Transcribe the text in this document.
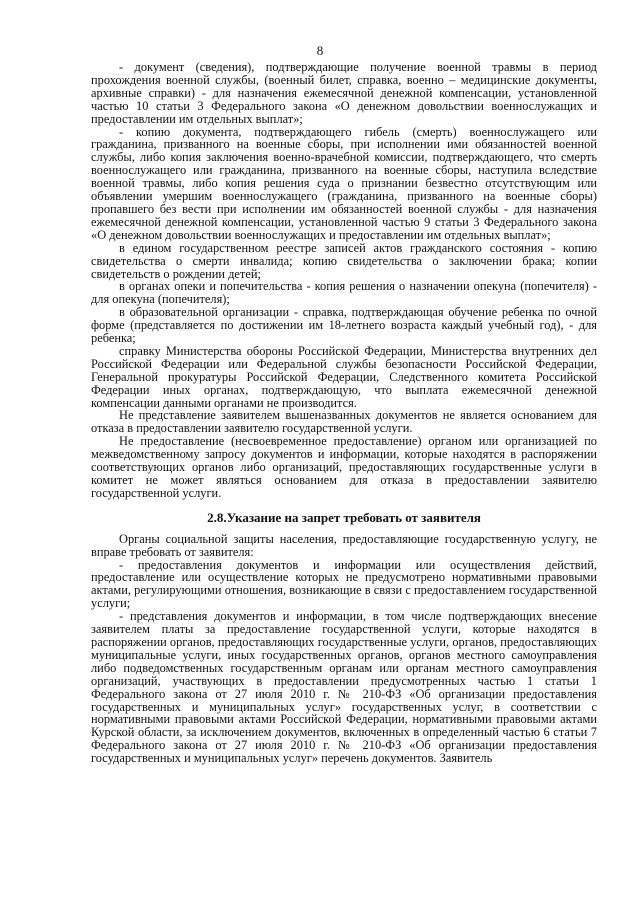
8

- документ (сведения), подтверждающие получение военной травмы в период прохождения военной службы, (военный билет, справка, военно – медицинские документы, архивные справки) - для назначения ежемесячной денежной компенсации, установленной частью 10 статьи 3 Федерального закона «О денежном довольствии военнослужащих и предоставлении им отдельных выплат»;

- копию документа, подтверждающего гибель (смерть) военнослужащего или гражданина, призванного на военные сборы, при исполнении ими обязанностей военной службы, либо копия заключения военно-врачебной комиссии, подтверждающего, что смерть военнослужащего или гражданина, призванного на военные сборы, наступила вследствие военной травмы, либо копия решения суда о признании безвестно отсутствующим или объявлении умершим военнослужащего (гражданина, призванного на военные сборы) пропавшего без вести при исполнении им обязанностей военной службы - для назначения ежемесячной денежной компенсации, установленной частью 9 статьи 3 Федерального закона «О денежном довольствии военнослужащих и предоставлении им отдельных выплат»;

в едином государственном реестре записей актов гражданского состояния - копию свидетельства о смерти инвалида; копию свидетельства о заключении брака; копии свидетельств о рождении детей;

в органах опеки и попечительства - копия решения о назначении опекуна (попечителя) - для опекуна (попечителя);

в образовательной организации - справка, подтверждающая обучение ребенка по очной форме (представляется по достижении им 18-летнего возраста каждый учебный год), - для ребенка;

справку Министерства обороны Российской Федерации, Министерства внутренних дел Российской Федерации или Федеральной службы безопасности Российской Федерации, Генеральной прокуратуры Российской Федерации, Следственного комитета Российской Федерации иных органах, подтверждающую, что выплата ежемесячной денежной компенсации данными органами не производится.

Не представление заявителем вышеназванных документов не является основанием для отказа в предоставлении заявителю государственной услуги.

Не предоставление (несвоевременное предоставление) органом или организацией по межведомственному запросу документов и информации, которые находятся в распоряжении соответствующих органов либо организаций, предоставляющих государственные услуги в комитет не может являться основанием для отказа в предоставлении заявителю государственной услуги.

2.8.Указание на запрет требовать от заявителя

Органы социальной защиты населения, предоставляющие государственную услугу, не вправе требовать от заявителя:

- предоставления документов и информации или осуществления действий, предоставление или осуществление которых не предусмотрено нормативными правовыми актами, регулирующими отношения, возникающие в связи с предоставлением государственной услуги;

- представления документов и информации, в том числе подтверждающих внесение заявителем платы за предоставление государственной услуги, которые находятся в распоряжении органов, предоставляющих государственные услуги, органов, предоставляющих муниципальные услуги, иных государственных органов, органов местного самоуправления либо подведомственных государственным органам или органам местного самоуправления организаций, участвующих в предоставлении предусмотренных частью 1 статьи 1 Федерального закона от 27 июля 2010 г. № 210-ФЗ «Об организации предоставления государственных и муниципальных услуг» государственных услуг, в соответствии с нормативными правовыми актами Российской Федерации, нормативными правовыми актами Курской области, за исключением документов, включенных в определенный частью 6 статьи 7 Федерального закона от 27 июля 2010 г. № 210-ФЗ «Об организации предоставления государственных и муниципальных услуг» перечень документов. Заявитель
